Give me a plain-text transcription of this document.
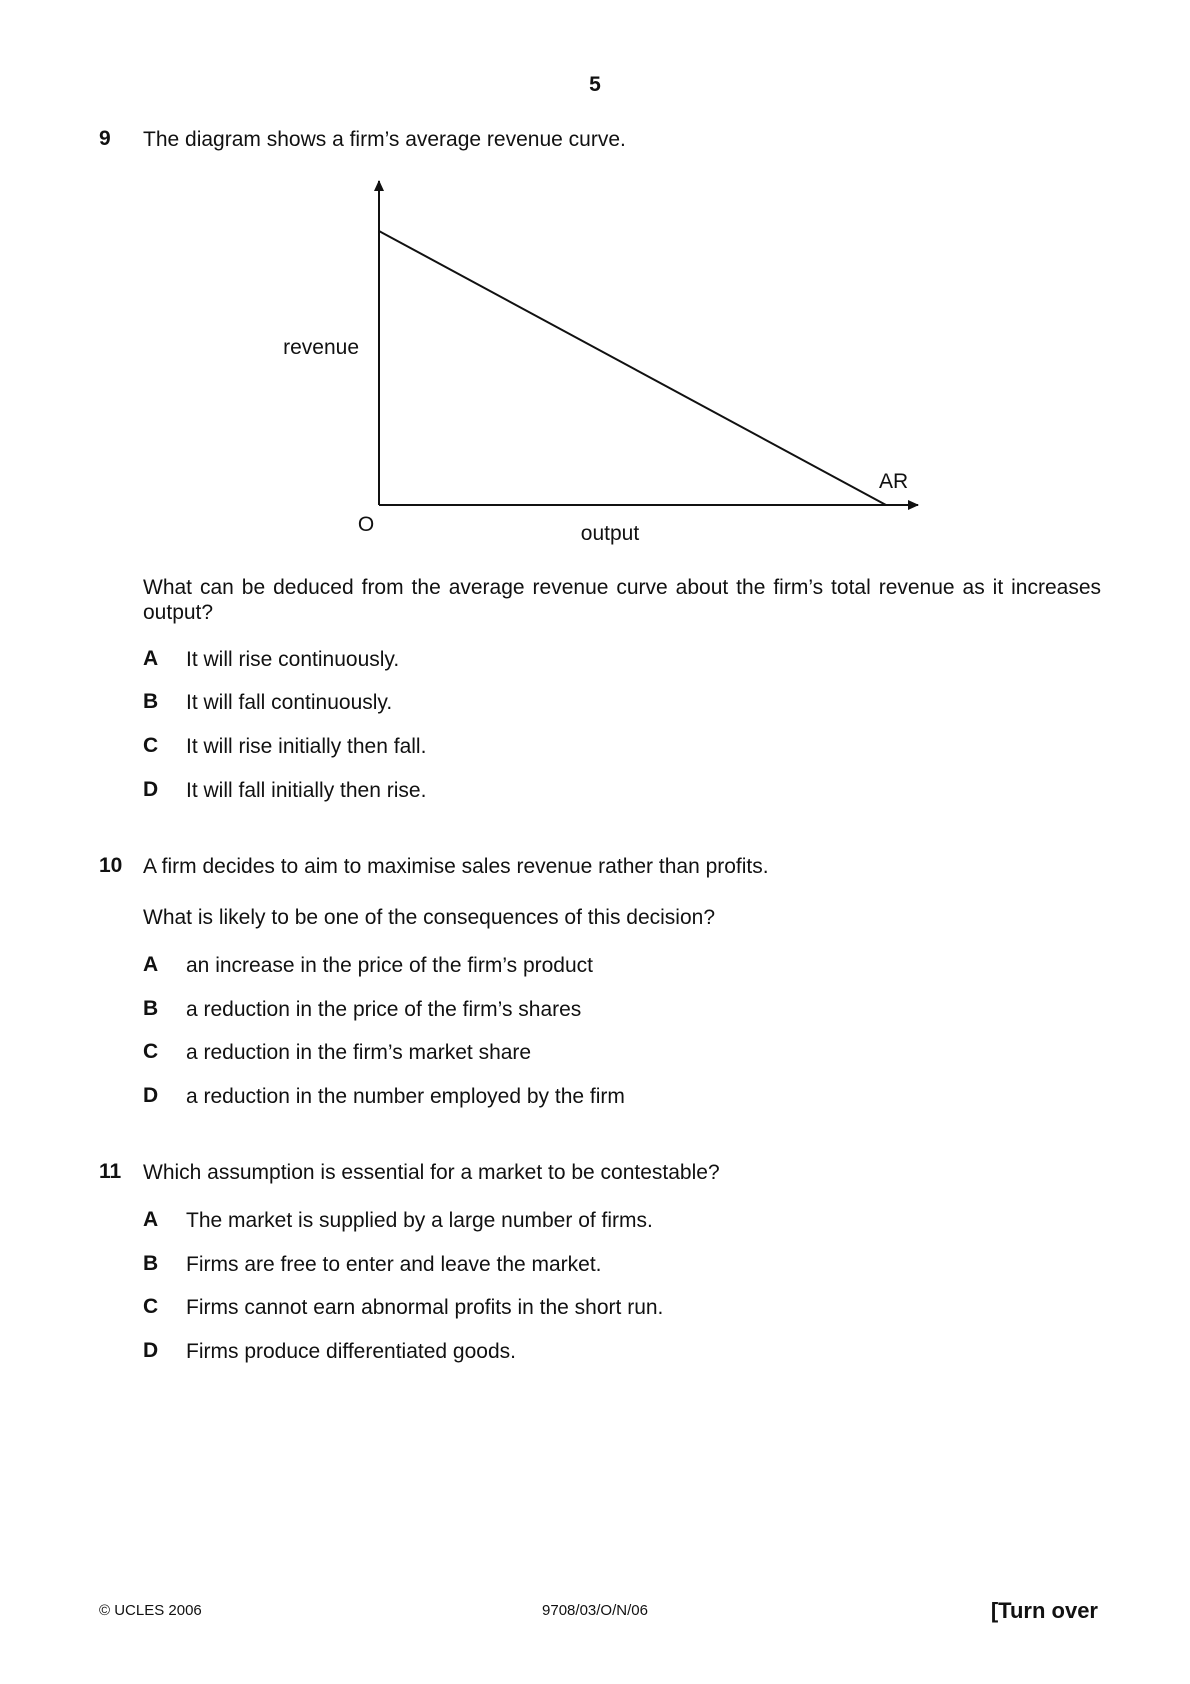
5
9 The diagram shows a firm’s average revenue curve.
revenue
output
O
AR
What can be deduced from the average revenue curve about the firm’s total revenue as it increases output?
A It will rise continuously.
B It will fall continuously.
C It will rise initially then fall.
D It will fall initially then rise.
10 A firm decides to aim to maximise sales revenue rather than profits.
What is likely to be one of the consequences of this decision?
A an increase in the price of the firm’s product
B a reduction in the price of the firm’s shares
C a reduction in the firm’s market share
D a reduction in the number employed by the firm
11 Which assumption is essential for a market to be contestable?
A The market is supplied by a large number of firms.
B Firms are free to enter and leave the market.
C Firms cannot earn abnormal profits in the short run.
D Firms produce differentiated goods.
© UCLES 2006	9708/03/O/N/06	[Turn over
